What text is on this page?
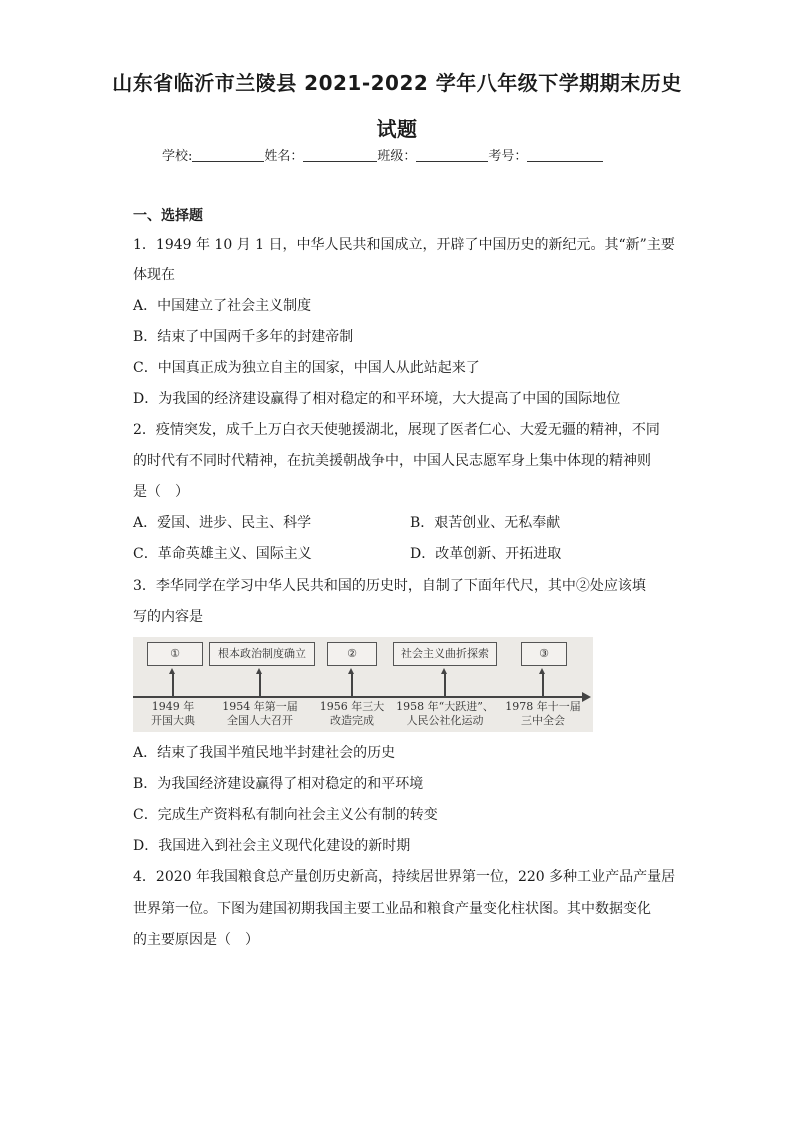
山东省临沂市兰陵县 2021-2022 学年八年级下学期期末历史
试题
学校:	姓名：	班级：	考号：
一、选择题
1．1949 年 10 月 1 日，中华人民共和国成立，开辟了中国历史的新纪元。其“新”主要
体现在
A．中国建立了社会主义制度
B．结束了中国两千多年的封建帝制
C．中国真正成为独立自主的国家，中国人从此站起来了
D．为我国的经济建设赢得了相对稳定的和平环境，大大提高了中国的国际地位
2．疫情突发，成千上万白衣天使驰援湖北，展现了医者仁心、大爱无疆的精神，不同
的时代有不同时代精神，在抗美援朝战争中，中国人民志愿军身上集中体现的精神则
是（　）
A．爱国、进步、民主、科学	B．艰苦创业、无私奉献
C．革命英雄主义、国际主义	D．改革创新、开拓进取
3．李华同学在学习中华人民共和国的历史时，自制了下面年代尺，其中②处应该填
写的内容是
①	根本政治制度确立	②	社会主义曲折探索	③
1949 年
开国大典
1954 年第一届
全国人大召开
1956 年三大
改造完成
1958 年“大跃进”、
人民公社化运动
1978 年十一届
三中全会
A．结束了我国半殖民地半封建社会的历史
B．为我国经济建设赢得了相对稳定的和平环境
C．完成生产资料私有制向社会主义公有制的转变
D．我国进入到社会主义现代化建设的新时期
4．2020 年我国粮食总产量创历史新高，持续居世界第一位，220 多种工业产品产量居
世界第一位。下图为建国初期我国主要工业品和粮食产量变化柱状图。其中数据变化
的主要原因是（　）
